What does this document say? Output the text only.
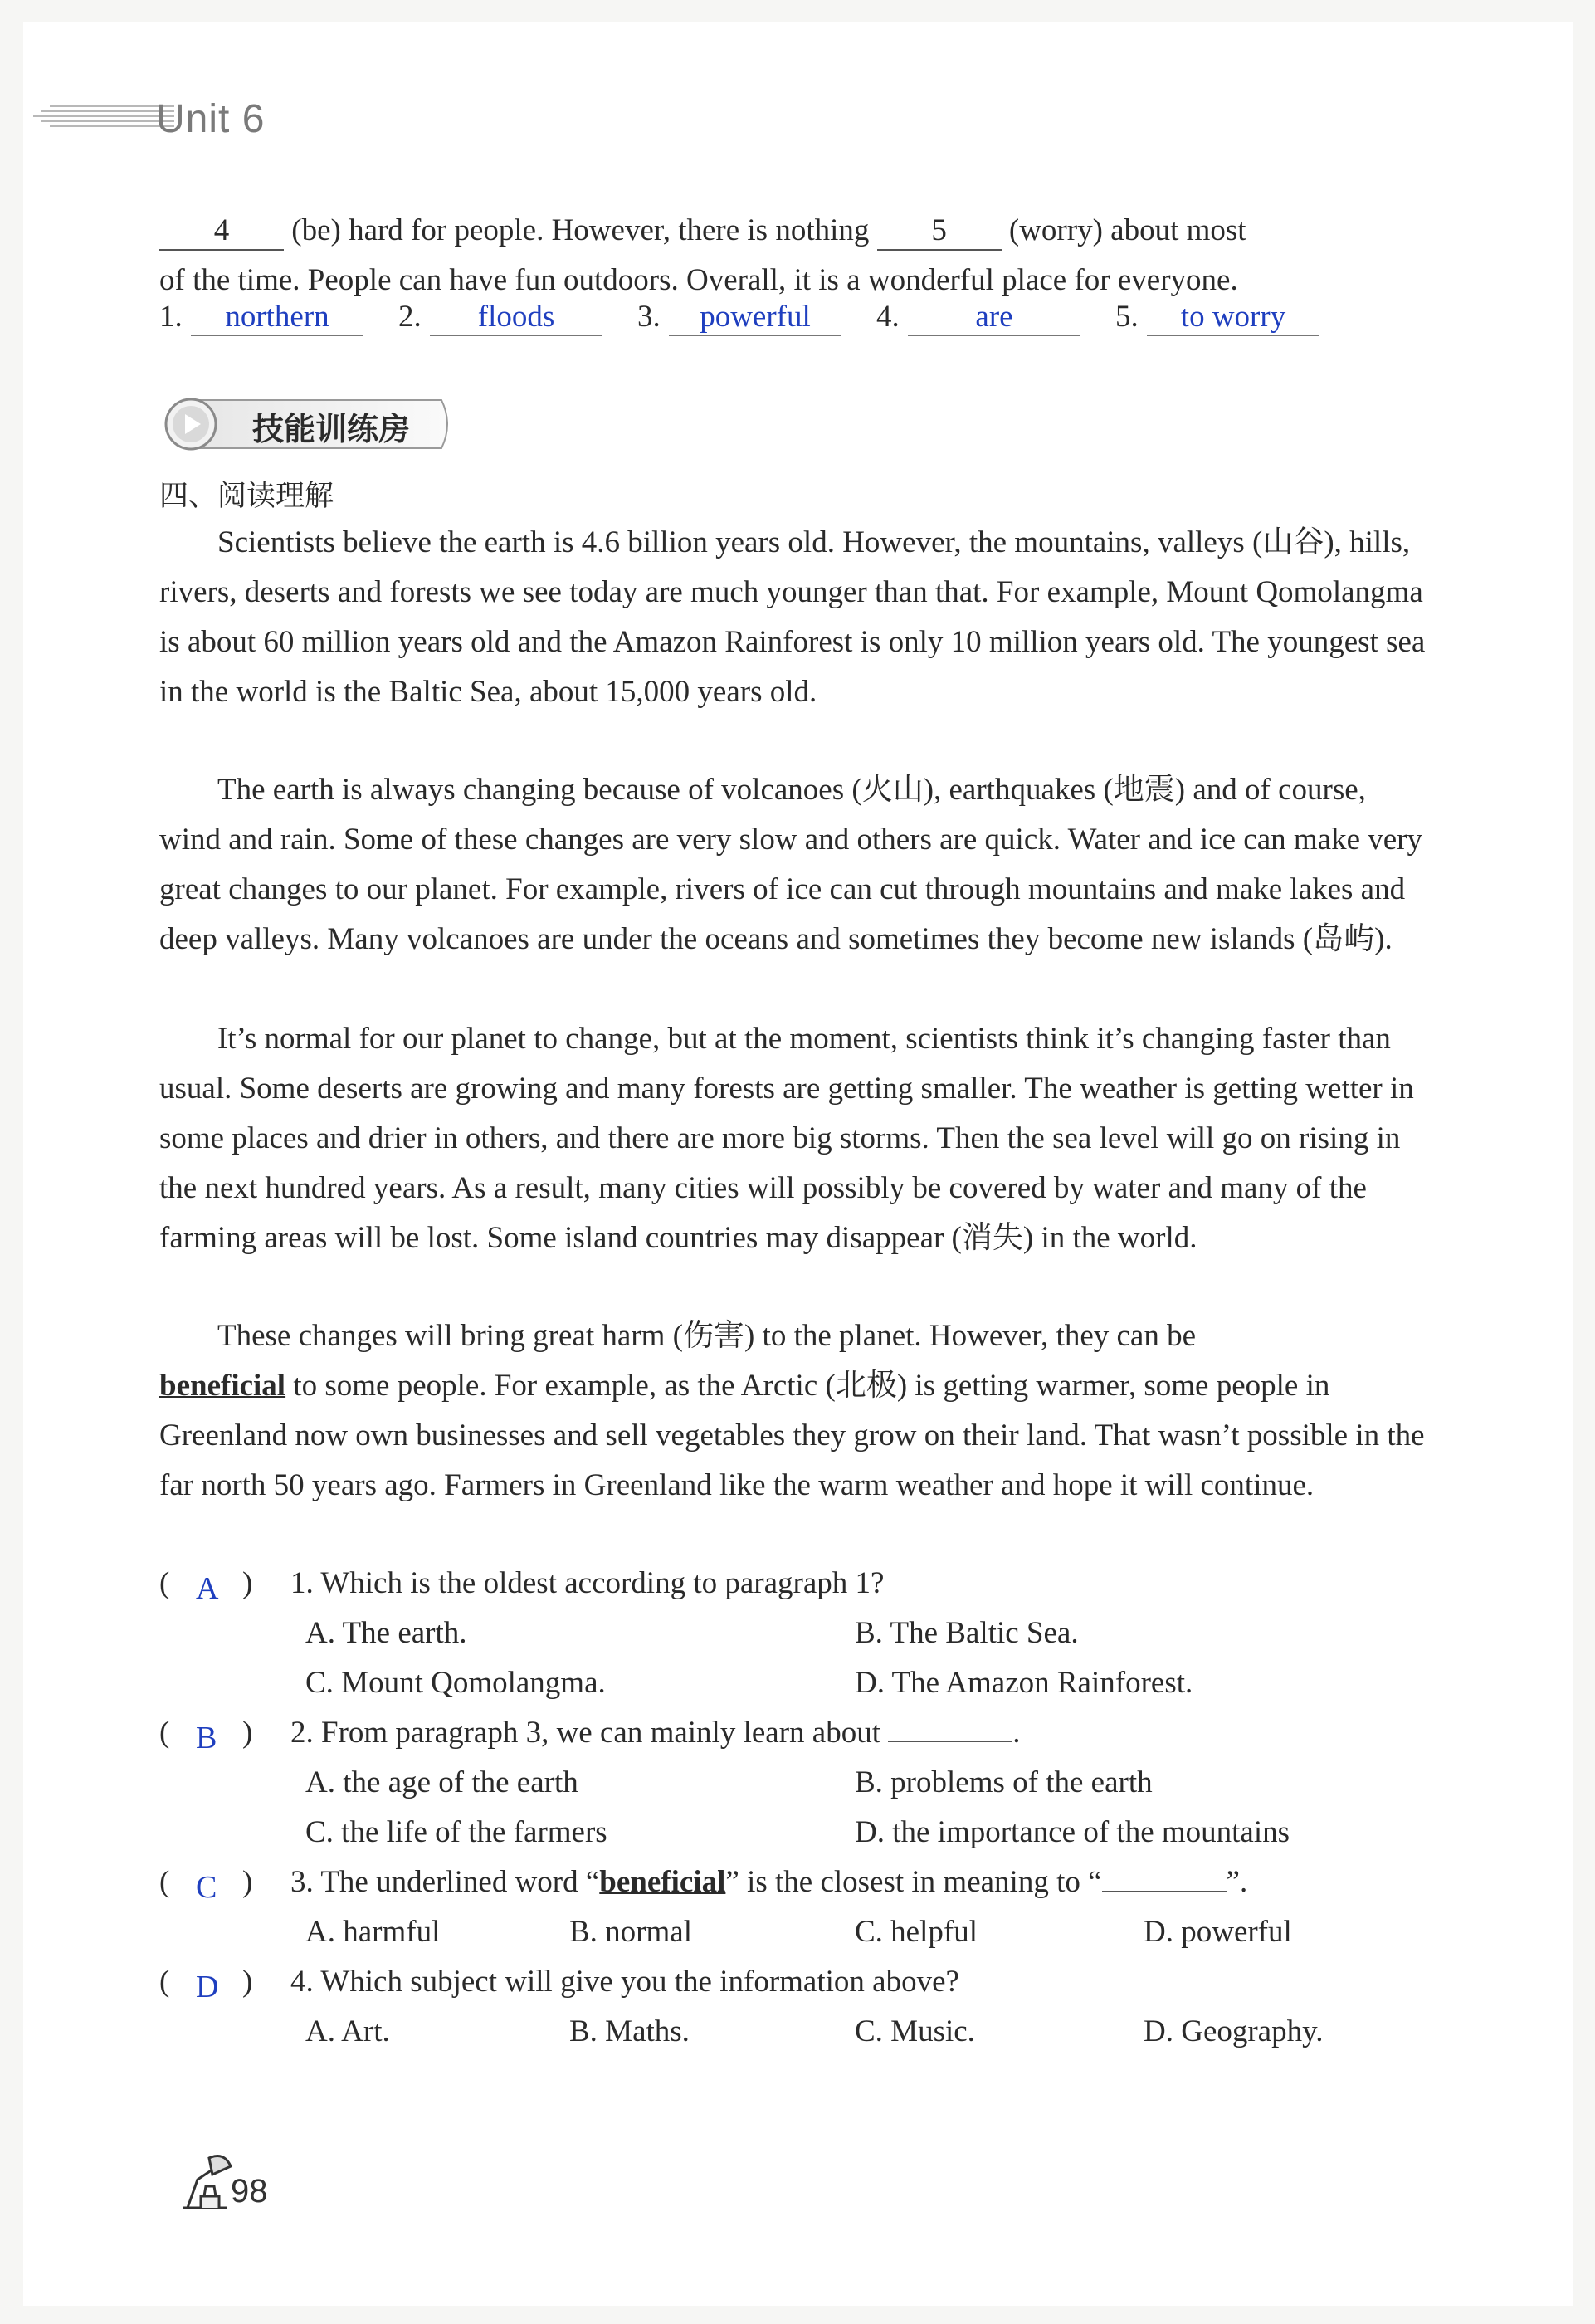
Unit 6
4 (be) hard for people. However, there is nothing 5 (worry) about most
of the time. People can have fun outdoors. Overall, it is a wonderful place for everyone.
1. northern	2. floods	3. powerful	4. are	5. to worry
技能训练房
四、阅读理解
Scientists believe the earth is 4.6 billion years old. However, the mountains, valleys (山谷), hills, rivers, deserts and forests we see today are much younger than that. For example, Mount Qomolangma is about 60 million years old and the Amazon Rainforest is only 10 million years old. The youngest sea in the world is the Baltic Sea, about 15,000 years old.
The earth is always changing because of volcanoes (火山), earthquakes (地震) and of course, wind and rain. Some of these changes are very slow and others are quick. Water and ice can make very great changes to our planet. For example, rivers of ice can cut through mountains and make lakes and deep valleys. Many volcanoes are under the oceans and sometimes they become new islands (岛屿).
It’s normal for our planet to change, but at the moment, scientists think it’s changing faster than usual. Some deserts are growing and many forests are getting smaller. The weather is getting wetter in some places and drier in others, and there are more big storms. Then the sea level will go on rising in the next hundred years. As a result, many cities will possibly be covered by water and many of the farming areas will be lost. Some island countries may disappear (消失) in the world.
These changes will bring great harm (伤害) to the planet. However, they can be
beneficial to some people. For example, as the Arctic (北极) is getting warmer, some people in Greenland now own businesses and sell vegetables they grow on their land. That wasn’t possible in the far north 50 years ago. Farmers in Greenland like the warm weather and hope it will continue.
( A ) 1. Which is the oldest according to paragraph 1?
A. The earth.	B. The Baltic Sea.
C. Mount Qomolangma.	D. The Amazon Rainforest.
( B ) 2. From paragraph 3, we can mainly learn about	.
A. the age of the earth	B. problems of the earth
C. the life of the farmers	D. the importance of the mountains
( C ) 3. The underlined word “beneficial” is the closest in meaning to “	”.
A. harmful	B. normal	C. helpful	D. powerful
( D ) 4. Which subject will give you the information above?
A. Art.	B. Maths.	C. Music.	D. Geography.
98
